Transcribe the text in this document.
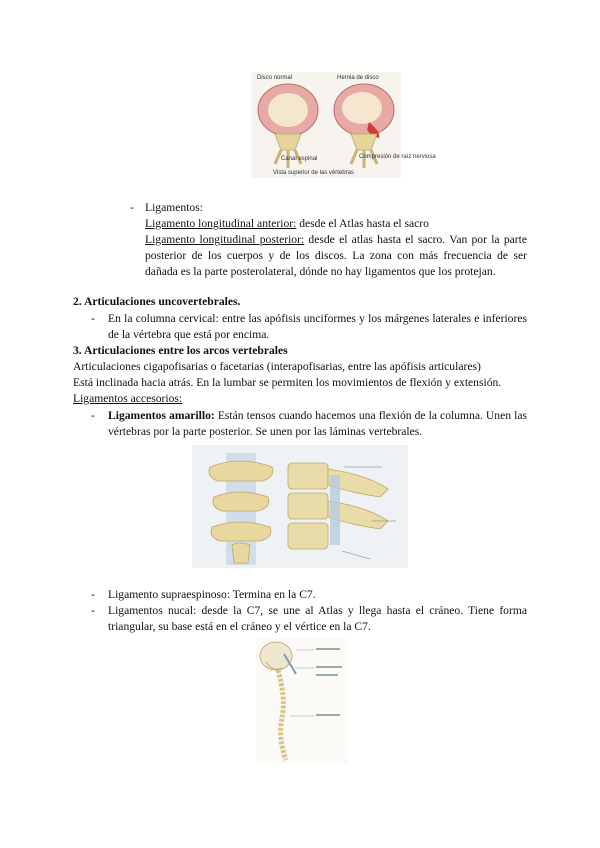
Disco normal	Hernia de disco
Canal espinal	Compresión de raíz nerviosa
Vista superior de las vértebras
- Ligamentos:
Ligamento longitudinal anterior: desde el Atlas hasta el sacro
Ligamento longitudinal posterior: desde el atlas hasta el sacro. Van por la parte posterior de los cuerpos y de los discos. La zona con más frecuencia de ser dañada es la parte posterolateral, dónde no hay ligamentos que los protejan.
2. Articulaciones uncovertebrales.
- En la columna cervical: entre las apófisis unciformes y los márgenes laterales e inferiores de la vértebra que está por encima.
3. Articulaciones entre los arcos vertebrales
Articulaciones cigapofisarias o facetarias (interapofisarias, entre las apófisis articulares)
Está inclinada hacia atrás. En la lumbar se permiten los movimientos de flexión y extensión.
Ligamentos accesorios:
- Ligamentos amarillo: Están tensos cuando hacemos una flexión de la columna. Unen las vértebras por la parte posterior. Se unen por las láminas vertebrales.
- Ligamento supraespinoso: Termina en la C7.
- Ligamentos nucal: desde la C7, se une al Atlas y llega hasta el cráneo. Tiene forma triangular, su base está en el cráneo y el vértice en la C7.
